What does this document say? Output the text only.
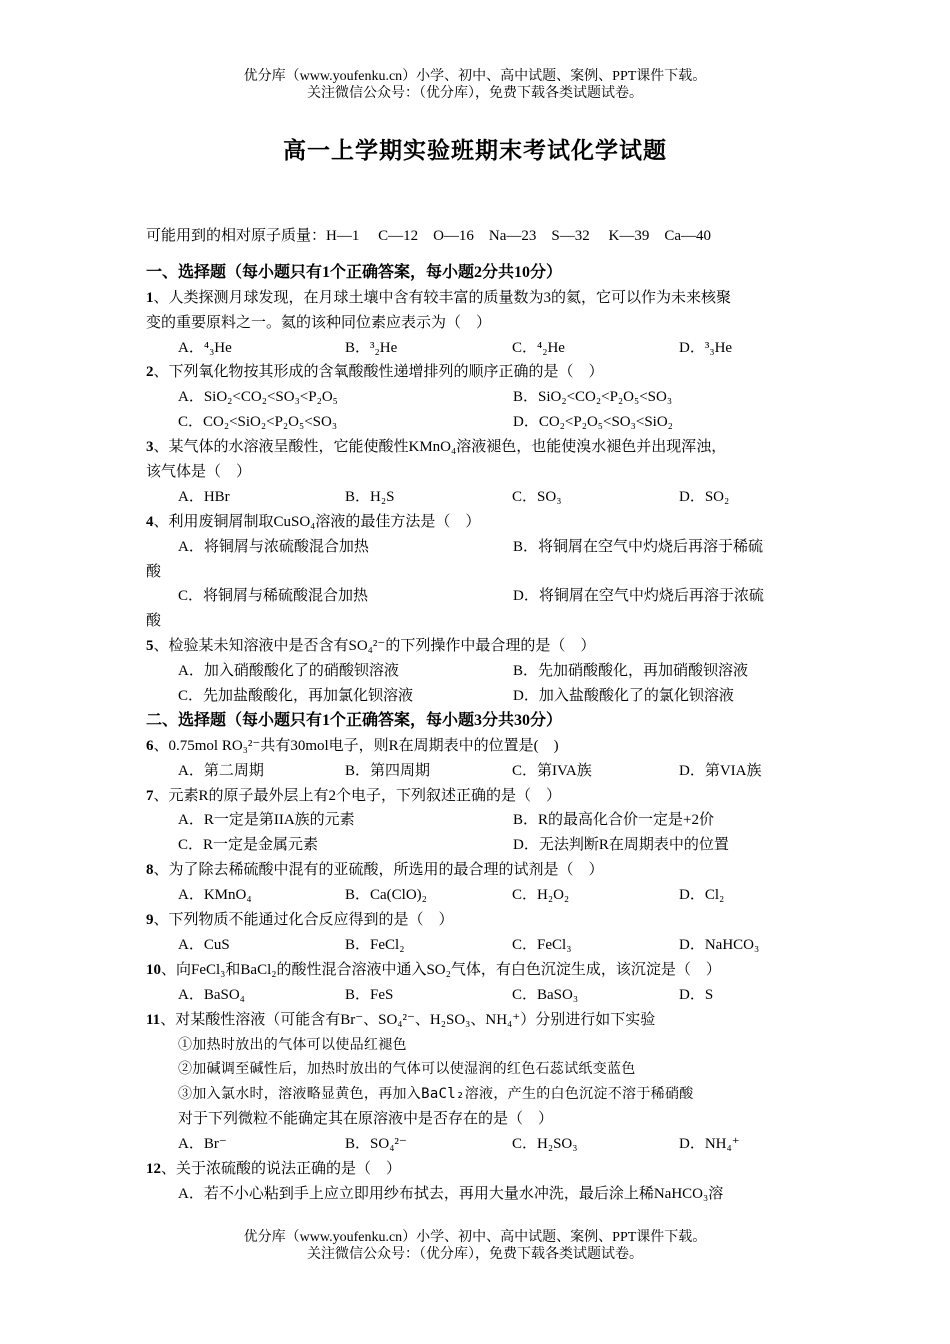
优分库（www.youfenku.cn）小学、初中、高中试题、案例、PPT课件下载。
关注微信公众号：（优分库），免费下载各类试题试卷。
高一上学期实验班期末考试化学试题
可能用到的相对原子质量：H—1　 C—12　O—16　Na—23　S—32　 K—39　Ca—40
一、选择题（每小题只有1个正确答案，每小题2分共10分）
1、人类探测月球发现，在月球土壤中含有较丰富的质量数为3的氦，它可以作为未来核聚
变的重要原料之一。氦的该种同位素应表示为（　）
A．⁴₃He	B．³₂He	C．⁴₂He	D．³₃He
2、下列氧化物按其形成的含氧酸酸性递增排列的顺序正确的是（　）
A．SiO₂<CO₂<SO₃<P₂O₅	B．SiO₂<CO₂<P₂O₅<SO₃
C．CO₂<SiO₂<P₂O₅<SO₃	D．CO₂<P₂O₅<SO₃<SiO₂
3、某气体的水溶液呈酸性，它能使酸性KMnO₄溶液褪色，也能使溴水褪色并出现浑浊，
该气体是（　）
A．HBr	B．H₂S	C．SO₃	D．SO₂
4、利用废铜屑制取CuSO₄溶液的最佳方法是（　）
A．将铜屑与浓硫酸混合加热	B．将铜屑在空气中灼烧后再溶于稀硫
酸
C．将铜屑与稀硫酸混合加热	D．将铜屑在空气中灼烧后再溶于浓硫
酸
5、检验某未知溶液中是否含有SO₄²⁻的下列操作中最合理的是（　）
A．加入硝酸酸化了的硝酸钡溶液	B．先加硝酸酸化，再加硝酸钡溶液
C．先加盐酸酸化，再加氯化钡溶液	D．加入盐酸酸化了的氯化钡溶液
二、选择题（每小题只有1个正确答案，每小题3分共30分）
6、0.75mol RO₃²⁻共有30mol电子，则R在周期表中的位置是(　)
A．第二周期	B．第四周期	C．第IVA族	D．第VIA族
7、元素R的原子最外层上有2个电子，下列叙述正确的是（　）
A．R一定是第IIA族的元素	B．R的最高化合价一定是+2价
C．R一定是金属元素	D．无法判断R在周期表中的位置
8、为了除去稀硫酸中混有的亚硫酸，所选用的最合理的试剂是（　）
A．KMnO₄	B．Ca(ClO)₂	C．H₂O₂	D．Cl₂
9、下列物质不能通过化合反应得到的是（　）
A．CuS	B．FeCl₂	C．FeCl₃	D．NaHCO₃
10、向FeCl₃和BaCl₂的酸性混合溶液中通入SO₂气体，有白色沉淀生成，该沉淀是（　）
A．BaSO₄	B．FeS	C．BaSO₃	D．S
11、对某酸性溶液（可能含有Br⁻、SO₄²⁻、H₂SO₃、NH₄⁺）分别进行如下实验
①加热时放出的气体可以使品红褪色
②加碱调至碱性后，加热时放出的气体可以使湿润的红色石蕊试纸变蓝色
③加入氯水时，溶液略显黄色，再加入BaCl₂溶液，产生的白色沉淀不溶于稀硝酸
对于下列微粒不能确定其在原溶液中是否存在的是（　）
A．Br⁻	B．SO₄²⁻	C．H₂SO₃	D．NH₄⁺
12、关于浓硫酸的说法正确的是（　）
A．若不小心粘到手上应立即用纱布拭去，再用大量水冲洗，最后涂上稀NaHCO₃溶
优分库（www.youfenku.cn）小学、初中、高中试题、案例、PPT课件下载。
关注微信公众号：（优分库），免费下载各类试题试卷。
